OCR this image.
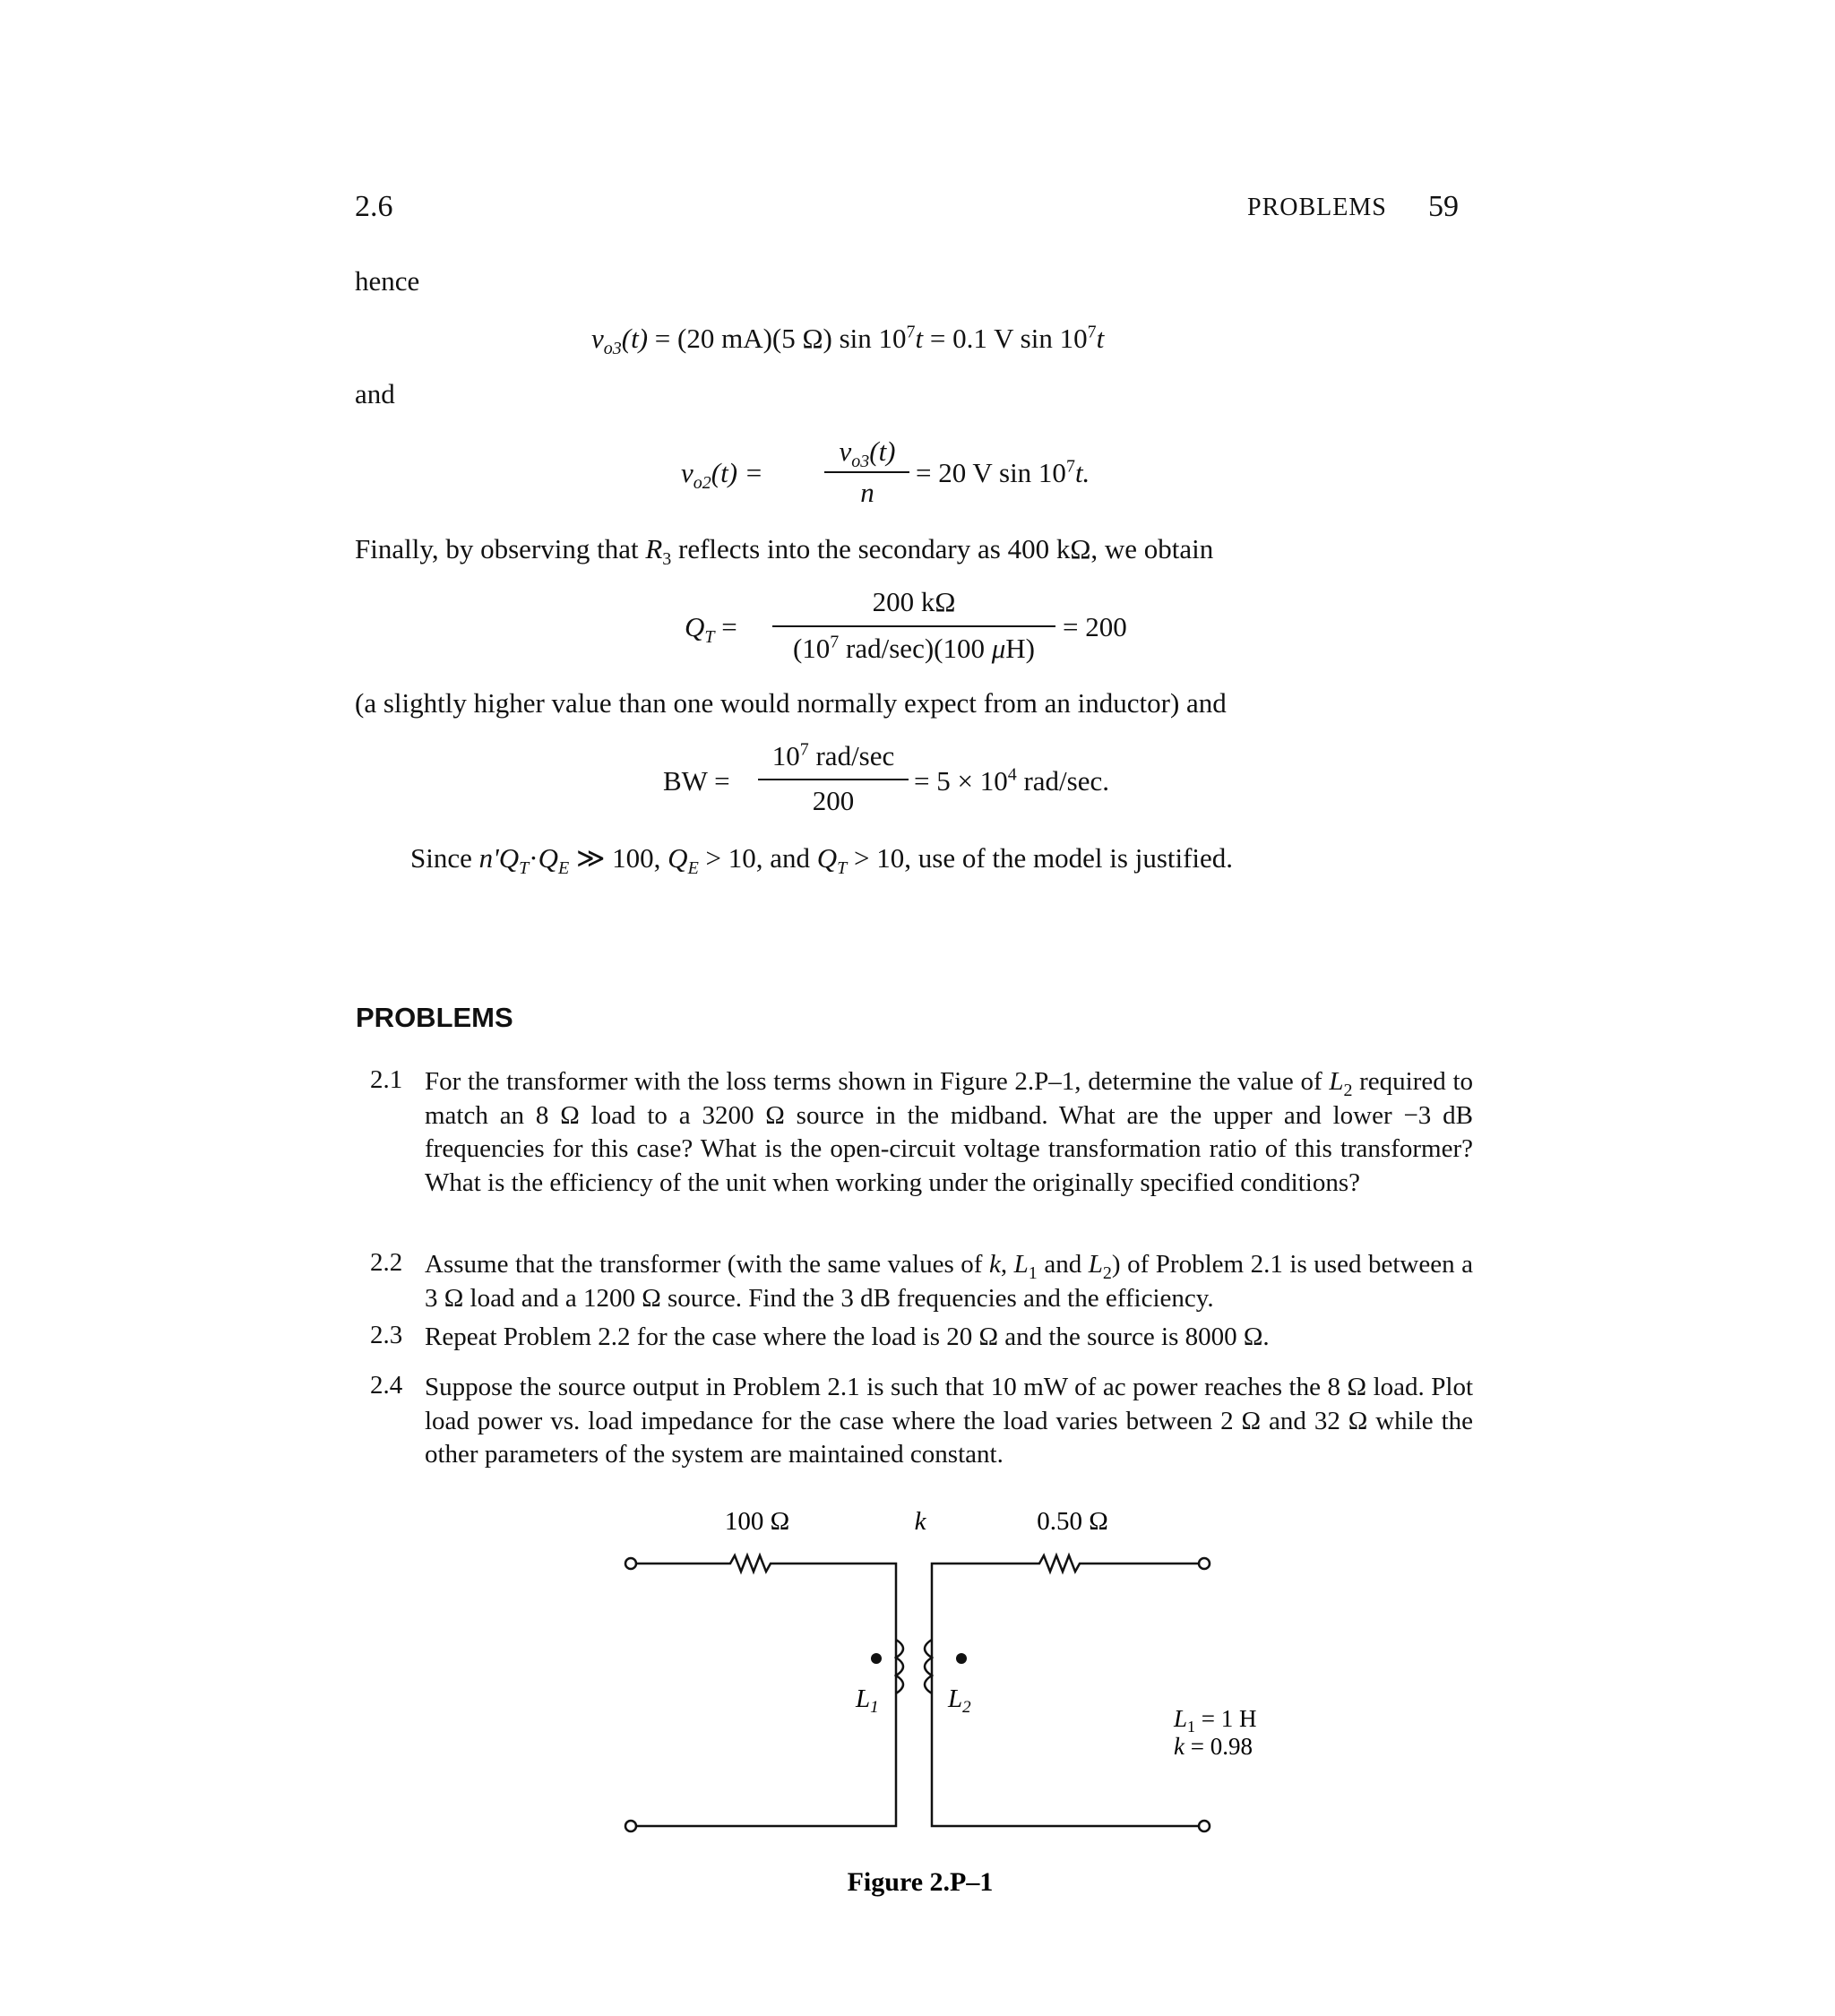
2.6	PROBLEMS 59
hence
$v_{o3}(t) = (20$ mA)(5 Ω) $\sin 10^7t = 0.1$ V $\sin 10^7t$
and
$v_{o2}(t)$ =
$v_{o3}(t)$
n
= 20 V $\sin 10^7t$.
Finally, by observing that $R_3$ reflects into the secondary as 400 kΩ, we obtain
$Q_T$ =
200 kΩ
($10^7$ rad/sec)(100 μH)
= 200
(a slightly higher value than one would normally expect from an inductor) and
BW =
$10^7$ rad/sec
200
= $5 \times 10^4$ rad/sec.
Since $n'Q_T\cdot Q_E$ ≫ 100, $Q_E > 10$, and $Q_T > 10$, use of the model is justified.
PROBLEMS
2.1 For the transformer with the loss terms shown in Figure 2.P–1, determine the value of $L_2$ required to match an 8 Ω load to a 3200 Ω source in the midband. What are the upper and lower −3 dB frequencies for this case? What is the open-circuit voltage transformation ratio of this transformer? What is the efficiency of the unit when working under the originally specified conditions?
2.2 Assume that the transformer (with the same values of k, $L_1$ and $L_2$) of Problem 2.1 is used between a 3 Ω load and a 1200 Ω source. Find the 3 dB frequencies and the efficiency.
2.3 Repeat Problem 2.2 for the case where the load is 20 Ω and the source is 8000 Ω.
2.4 Suppose the source output in Problem 2.1 is such that 10 mW of ac power reaches the 8 Ω load. Plot load power vs. load impedance for the case where the load varies between 2 Ω and 32 Ω while the other parameters of the system are maintained constant.
100 Ω	k	0.50 Ω
$L_1$	$L_2$	$L_1 = 1$ H
k = 0.98
Figure 2.P–1
